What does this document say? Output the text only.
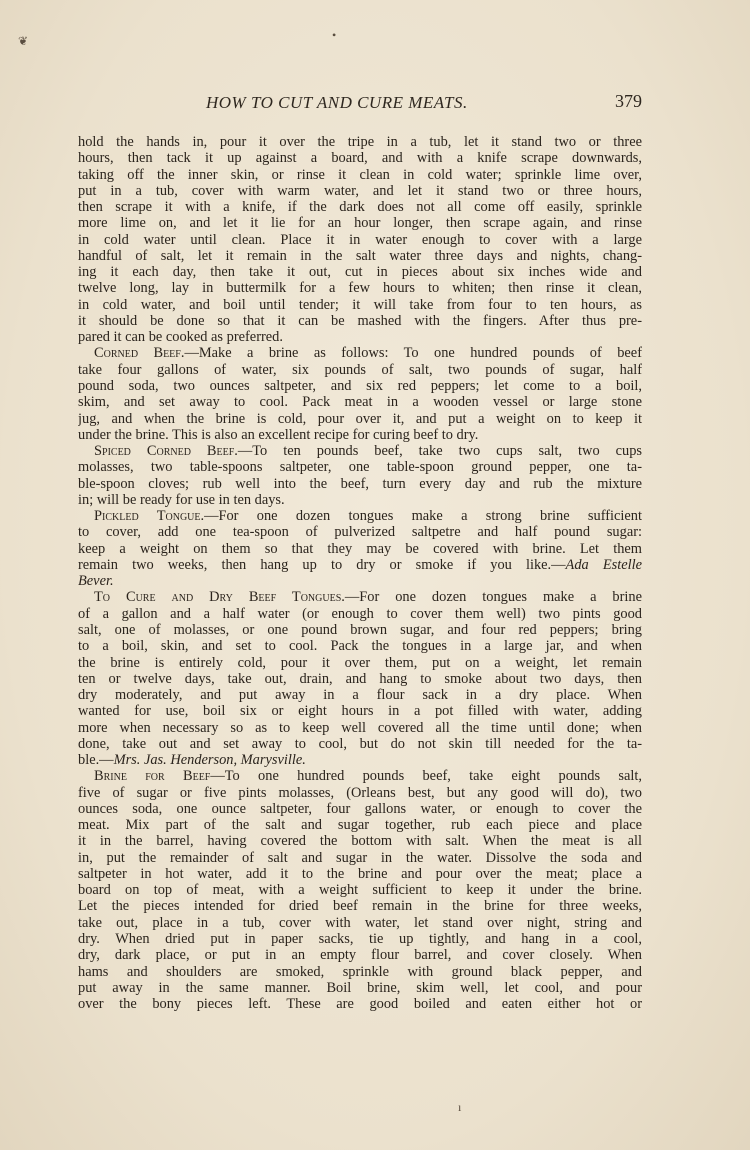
❦	•
ı
HOW TO CUT AND CURE MEATS.	379
hold the hands in, pour it over the tripe in a tub, let it stand two or three
hours, then tack it up against a board, and with a knife scrape downwards,
taking off the inner skin, or rinse it clean in cold water; sprinkle lime over,
put in a tub, cover with warm water, and let it stand two or three hours,
then scrape it with a knife, if the dark does not all come off easily, sprinkle
more lime on, and let it lie for an hour longer, then scrape again, and rinse
in cold water until clean. Place it in water enough to cover with a large
handful of salt, let it remain in the salt water three days and nights, chang-
ing it each day, then take it out, cut in pieces about six inches wide and
twelve long, lay in buttermilk for a few hours to whiten; then rinse it clean,
in cold water, and boil until tender; it will take from four to ten hours, as
it should be done so that it can be mashed with the fingers. After thus pre-
pared it can be cooked as preferred.
Corned Beef.—Make a brine as follows: To one hundred pounds of beef
take four gallons of water, six pounds of salt, two pounds of sugar, half
pound soda, two ounces saltpeter, and six red peppers; let come to a boil,
skim, and set away to cool. Pack meat in a wooden vessel or large stone
jug, and when the brine is cold, pour over it, and put a weight on to keep it
under the brine. This is also an excellent recipe for curing beef to dry.
Spiced Corned Beef.—To ten pounds beef, take two cups salt, two cups
molasses, two table-spoons saltpeter, one table-spoon ground pepper, one ta-
ble-spoon cloves; rub well into the beef, turn every day and rub the mixture
in; will be ready for use in ten days.
Pickled Tongue.—For one dozen tongues make a strong brine sufficient
to cover, add one tea-spoon of pulverized saltpetre and half pound sugar:
keep a weight on them so that they may be covered with brine. Let them
remain two weeks, then hang up to dry or smoke if you like.—Ada Estelle
Bever.
To Cure and Dry Beef Tongues.—For one dozen tongues make a brine
of a gallon and a half water (or enough to cover them well) two pints good
salt, one of molasses, or one pound brown sugar, and four red peppers; bring
to a boil, skin, and set to cool. Pack the tongues in a large jar, and when
the brine is entirely cold, pour it over them, put on a weight, let remain
ten or twelve days, take out, drain, and hang to smoke about two days, then
dry moderately, and put away in a flour sack in a dry place. When
wanted for use, boil six or eight hours in a pot filled with water, adding
more when necessary so as to keep well covered all the time until done; when
done, take out and set away to cool, but do not skin till needed for the ta-
ble.—Mrs. Jas. Henderson, Marysville.
Brine for Beef—To one hundred pounds beef, take eight pounds salt,
five of sugar or five pints molasses, (Orleans best, but any good will do), two
ounces soda, one ounce saltpeter, four gallons water, or enough to cover the
meat. Mix part of the salt and sugar together, rub each piece and place
it in the barrel, having covered the bottom with salt. When the meat is all
in, put the remainder of salt and sugar in the water. Dissolve the soda and
saltpeter in hot water, add it to the brine and pour over the meat; place a
board on top of meat, with a weight sufficient to keep it under the brine.
Let the pieces intended for dried beef remain in the brine for three weeks,
take out, place in a tub, cover with water, let stand over night, string and
dry. When dried put in paper sacks, tie up tightly, and hang in a cool,
dry, dark place, or put in an empty flour barrel, and cover closely. When
hams and shoulders are smoked, sprinkle with ground black pepper, and
put away in the same manner. Boil brine, skim well, let cool, and pour
over the bony pieces left. These are good boiled and eaten either hot or
